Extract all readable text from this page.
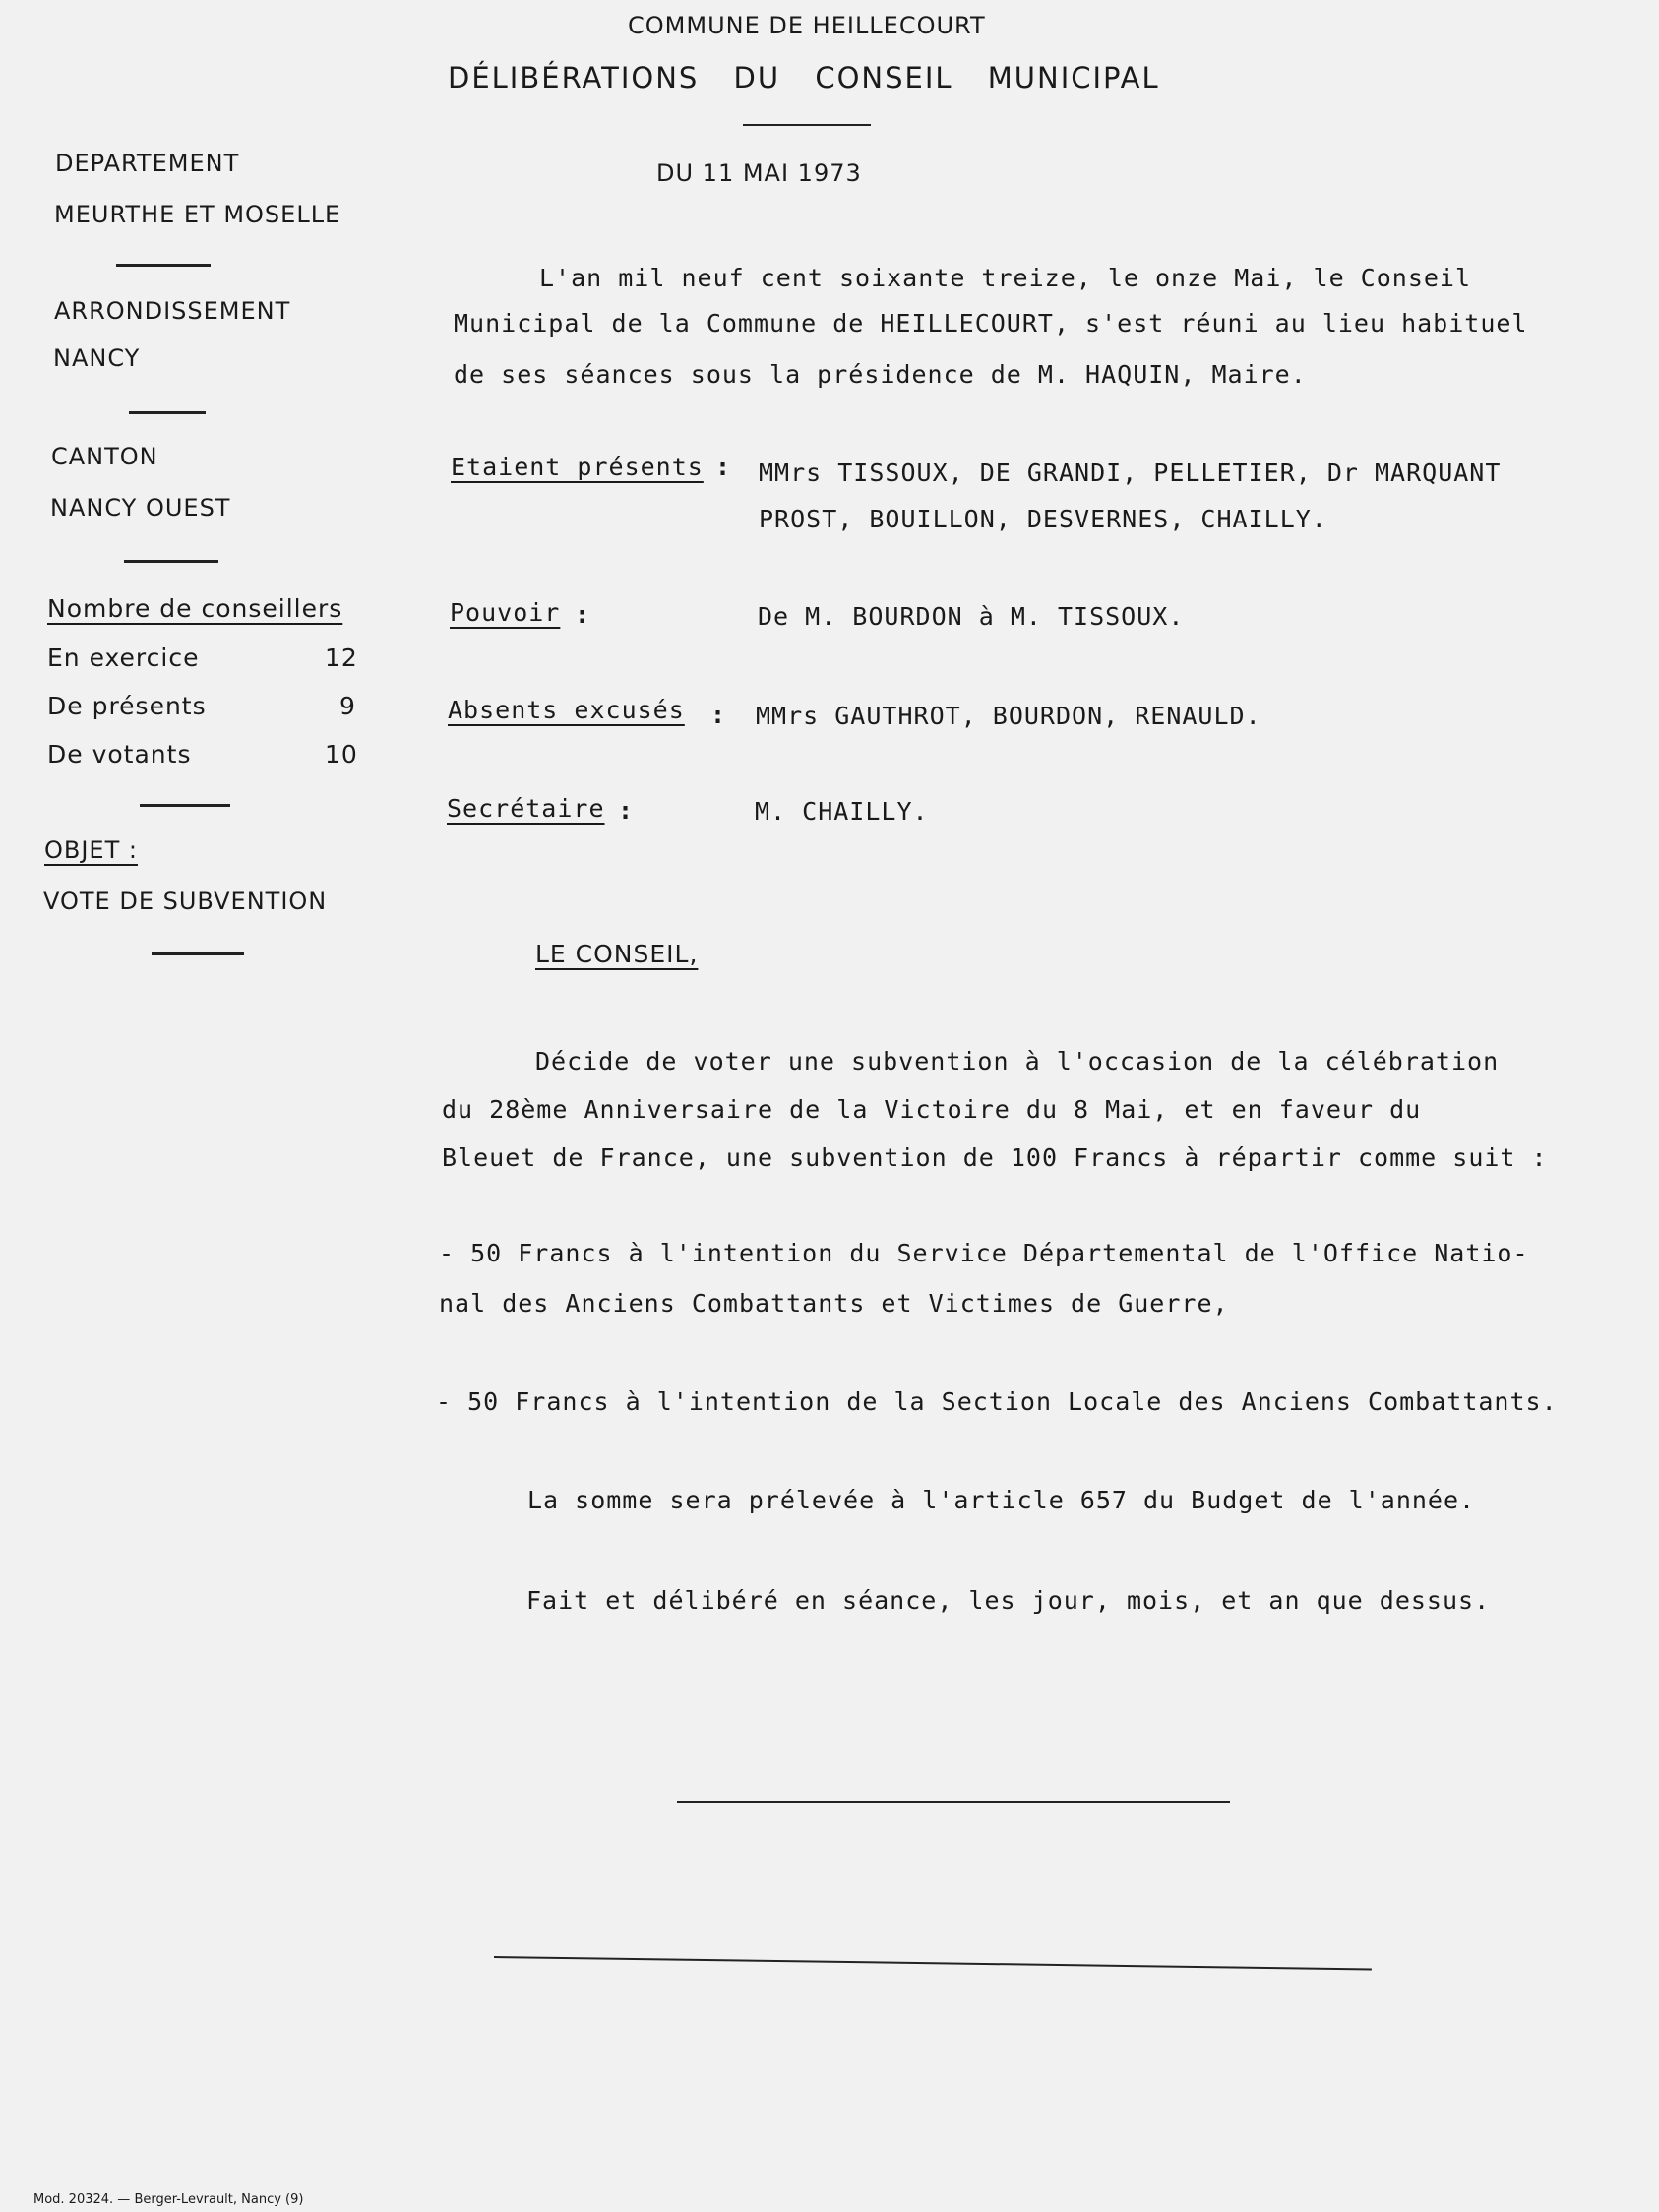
COMMUNE DE HEILLECOURT
DÉLIBÉRATIONS DU CONSEIL MUNICIPAL
DU 11 MAI 1973
DEPARTEMENT
MEURTHE ET MOSELLE
ARRONDISSEMENT
NANCY
CANTON
NANCY OUEST
Nombre de conseillers
En exercice	12
De présents	9
De votants	10
OBJET :
VOTE DE SUBVENTION
L'an mil neuf cent soixante treize, le onze Mai, le Conseil
Municipal de la Commune de HEILLECOURT, s'est réuni au lieu habituel
de ses séances sous la présidence de M. HAQUIN, Maire.
Etaient présents : MMrs TISSOUX, DE GRANDI, PELLETIER, Dr MARQUANT
PROST, BOUILLON, DESVERNES, CHAILLY.
Pouvoir :	De M. BOURDON à M. TISSOUX.
Absents excusés : MMrs GAUTHROT, BOURDON, RENAULD.
Secrétaire :	M. CHAILLY.
LE CONSEIL,
Décide de voter une subvention à l'occasion de la célébration
du 28ème Anniversaire de la Victoire du 8 Mai, et en faveur du
Bleuet de France, une subvention de 100 Francs à répartir comme suit :
- 50 Francs à l'intention du Service Départemental de l'Office Natio-
nal des Anciens Combattants et Victimes de Guerre,
- 50 Francs à l'intention de la Section Locale des Anciens Combattants.
La somme sera prélevée à l'article 657 du Budget de l'année.
Fait et délibéré en séance, les jour, mois, et an que dessus.
Mod. 20324. — Berger-Levrault, Nancy (9)
